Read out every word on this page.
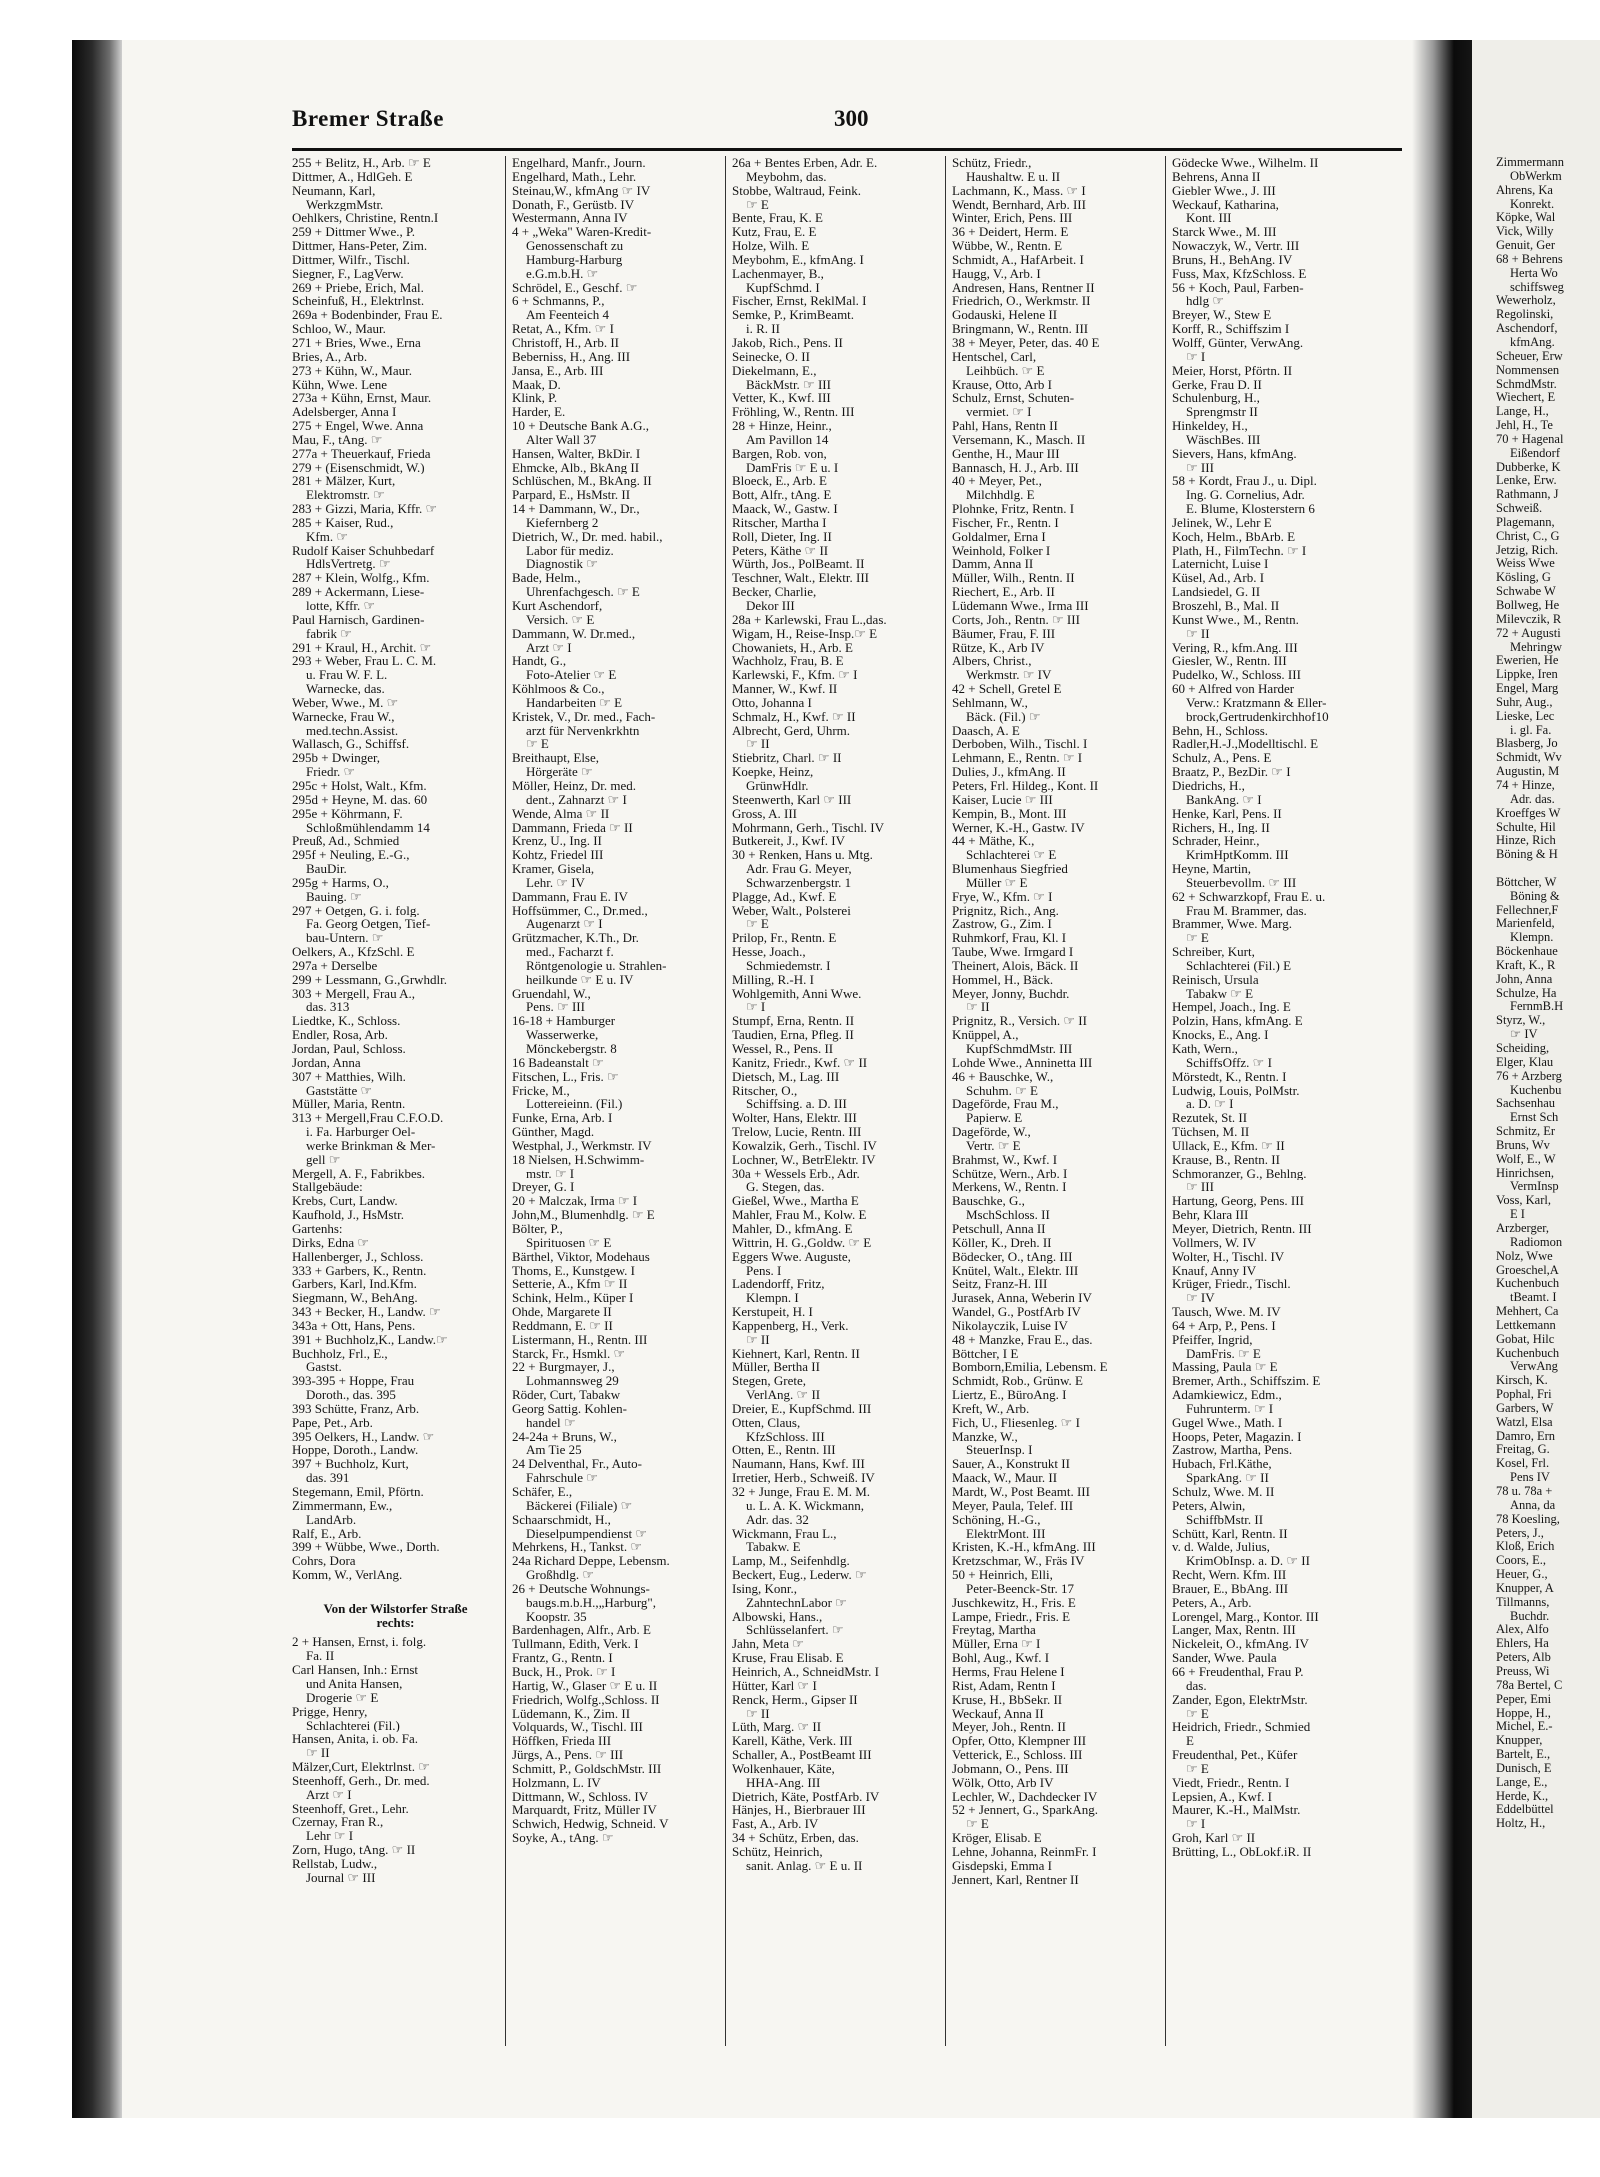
Bremer Straße	300
255 + Belitz, H., Arb. ☞ E
Dittmer, A., HdlGeh. E
Neumann, Karl,
WerkzgmMstr.
Oehlkers, Christine, Rentn.I
259 + Dittmer Wwe., P.
Dittmer, Hans-Peter, Zim.
Dittmer, Wilfr., Tischl.
Siegner, F., LagVerw.
269 + Priebe, Erich, Mal.
Scheinfuß, H., Elektrlnst.
269a + Bodenbinder, Frau E.
Schloo, W., Maur.
271 + Bries, Wwe., Erna
Bries, A., Arb.
273 + Kühn, W., Maur.
Kühn, Wwe. Lene
273a + Kühn, Ernst, Maur.
Adelsberger, Anna I
275 + Engel, Wwe. Anna
Mau, F., tAng. ☞
277a + Theuerkauf, Frieda
279 + (Eisenschmidt, W.)
281 + Mälzer, Kurt,
Elektromstr. ☞
283 + Gizzi, Maria, Kffr. ☞
285 + Kaiser, Rud.,
Kfm. ☞
Rudolf Kaiser Schuhbedarf
HdlsVertretg. ☞
287 + Klein, Wolfg., Kfm.
289 + Ackermann, Liese-
lotte, Kffr. ☞
Paul Harnisch, Gardinen-
fabrik ☞
291 + Kraul, H., Archit. ☞
293 + Weber, Frau L. C. M.
u. Frau W. F. L.
Warnecke, das.
Weber, Wwe., M. ☞
Warnecke, Frau W.,
med.techn.Assist.
Wallasch, G., Schiffsf.
295b + Dwinger,
Friedr. ☞
295c + Holst, Walt., Kfm.
295d + Heyne, M. das. 60
295e + Köhrmann, F.
Schloßmühlendamm 14
Preuß, Ad., Schmied
295f + Neuling, E.-G.,
BauDir.
295g + Harms, O.,
Bauing. ☞
297 + Oetgen, G. i. folg.
Fa. Georg Oetgen, Tief-
bau-Untern. ☞
Oelkers, A., KfzSchl. E
297a + Derselbe
299 + Lessmann, G.,Grwhdlr.
303 + Mergell, Frau A.,
das. 313
Liedtke, K., Schloss.
Endler, Rosa, Arb.
Jordan, Paul, Schloss.
Jordan, Anna
307 + Matthies, Wilh.
Gaststätte ☞
Müller, Maria, Rentn.
313 + Mergell,Frau C.F.O.D.
i. Fa. Harburger Oel-
werke Brinkman & Mer-
gell ☞
Mergell, A. F., Fabrikbes.
Stallgebäude:
Krebs, Curt, Landw.
Kaufhold, J., HsMstr.
Gartenhs:
Dirks, Edna ☞
Hallenberger, J., Schloss.
333 + Garbers, K., Rentn.
Garbers, Karl, Ind.Kfm.
Siegmann, W., BehAng.
343 + Becker, H., Landw. ☞
343a + Ott, Hans, Pens.
391 + Buchholz,K., Landw.☞
Buchholz, Frl., E.,
Gastst.
393-395 + Hoppe, Frau
Doroth., das. 395
393 Schütte, Franz, Arb.
Pape, Pet., Arb.
395 Oelkers, H., Landw. ☞
Hoppe, Doroth., Landw.
397 + Buchholz, Kurt,
das. 391
Stegemann, Emil, Pförtn.
Zimmermann, Ew.,
LandArb.
Ralf, E., Arb.
399 + Wübbe, Wwe., Dorth.
Cohrs, Dora
Komm, W., VerlAng.

Von der Wilstorfer Straße
rechts:
2 + Hansen, Ernst, i. folg.
Fa. II
Carl Hansen, Inh.: Ernst
und Anita Hansen,
Drogerie ☞ E
Prigge, Henry,
Schlachterei (Fil.)
Hansen, Anita, i. ob. Fa.
☞ II
Mälzer,Curt, Elektrlnst. ☞
Steenhoff, Gerh., Dr. med.
Arzt ☞ I
Steenhoff, Gret., Lehr.
Czernay, Fran R.,
Lehr ☞ I
Zorn, Hugo, tAng. ☞ II
Rellstab, Ludw.,
Journal ☞ III
Engelhard, Manfr., Journ.
Engelhard, Math., Lehr.
Steinau,W., kfmAng ☞ IV
Donath, F., Gerüstb. IV
Westermann, Anna IV
4 + „Weka" Waren-Kredit-
Genossenschaft zu
Hamburg-Harburg
e.G.m.b.H. ☞
Schrödel, E., Geschf. ☞
6 + Schmanns, P.,
Am Feenteich 4
Retat, A., Kfm. ☞ I
Christoff, H., Arb. II
Beberniss, H., Ang. III
Jansa, E., Arb. III
Maak, D.
Klink, P.
Harder, E.
10 + Deutsche Bank A.G.,
Alter Wall 37
Hansen, Walter, BkDir. I
Ehmcke, Alb., BkAng II
Schlüschen, M., BkAng. II
Parpard, E., HsMstr. II
14 + Dammann, W., Dr.,
Kiefernberg 2
Dietrich, W., Dr. med. habil.,
Labor für mediz.
Diagnostik ☞
Bade, Helm.,
Uhrenfachgesch. ☞ E
Kurt Aschendorf,
Versich. ☞ E
Dammann, W. Dr.med.,
Arzt ☞ I
Handt, G.,
Foto-Atelier ☞ E
Köhlmoos & Co.,
Handarbeiten ☞ E
Kristek, V., Dr. med., Fach-
arzt für Nervenkrkhtn
☞ E
Breithaupt, Else,
Hörgeräte ☞
Möller, Heinz, Dr. med.
dent., Zahnarzt ☞ I
Wende, Alma ☞ II
Dammann, Frieda ☞ II
Krenz, U., Ing. II
Kohtz, Friedel III
Kramer, Gisela,
Lehr. ☞ IV
Dammann, Frau E. IV
Hoffsümmer, C., Dr.med.,
Augenarzt ☞ I
Grützmacher, K.Th., Dr.
med., Facharzt f.
Röntgenologie u. Strahlen-
heilkunde ☞ E u. IV
Gruendahl, W.,
Pens. ☞ III
16-18 + Hamburger
Wasserwerke,
Mönckebergstr. 8
16 Badeanstalt ☞
Fitschen, L., Fris. ☞
Fricke, M.,
Lottereieinn. (Fil.)
Funke, Erna, Arb. I
Günther, Magd.
Westphal, J., Werkmstr. IV
18 Nielsen, H.Schwimm-
mstr. ☞ I
Dreyer, G. I
20 + Malczak, Irma ☞ I
John,M., Blumenhdlg. ☞ E
Bölter, P.,
Spirituosen ☞ E
Bärthel, Viktor, Modehaus
Thoms, E., Kunstgew. I
Setterie, A., Kfm ☞ II
Schink, Helm., Küper I
Ohde, Margarete II
Reddmann, E. ☞ II
Listermann, H., Rentn. III
Starck, Fr., Hsmkl. ☞
22 + Burgmayer, J.,
Lohmannsweg 29
Röder, Curt, Tabakw
Georg Sattig. Kohlen-
handel ☞
24-24a + Bruns, W.,
Am Tie 25
24 Delventhal, Fr., Auto-
Fahrschule ☞
Schäfer, E.,
Bäckerei (Filiale) ☞
Schaarschmidt, H.,
Dieselpumpendienst ☞
Mehrkens, H., Tankst. ☞
24a Richard Deppe, Lebensm.
Großhdlg. ☞
26 + Deutsche Wohnungs-
baugs.m.b.H.,„Harburg",
Koopstr. 35
Bardenhagen, Alfr., Arb. E
Tullmann, Edith, Verk. I
Frantz, G., Rentn. I
Buck, H., Prok. ☞ I
Hartig, W., Glaser ☞ E u. II
Friedrich, Wolfg.,Schloss. II
Lüdemann, K., Zim. II
Volquards, W., Tischl. III
Höffken, Frieda III
Jürgs, A., Pens. ☞ III
Schmitt, P., GoldschMstr. III
Holzmann, L. IV
Dittmann, W., Schloss. IV
Marquardt, Fritz, Müller IV
Schwich, Hedwig, Schneid. V
Soyke, A., tAng. ☞
26a + Bentes Erben, Adr. E.
Meybohm, das.
Stobbe, Waltraud, Feink.
☞ E
Bente, Frau, K. E
Kutz, Frau, E. E
Holze, Wilh. E
Meybohm, E., kfmAng. I
Lachenmayer, B.,
KupfSchmd. I
Fischer, Ernst, ReklMal. I
Semke, P., KrimBeamt.
i. R. II
Jakob, Rich., Pens. II
Seinecke, O. II
Diekelmann, E.,
BäckMstr. ☞ III
Vetter, K., Kwf. III
Fröhling, W., Rentn. III
28 + Hinze, Heinr.,
Am Pavillon 14
Bargen, Rob. von,
DamFris ☞ E u. I
Bloeck, E., Arb. E
Bott, Alfr., tAng. E
Maack, W., Gastw. I
Ritscher, Martha I
Roll, Dieter, Ing. II
Peters, Käthe ☞ II
Würth, Jos., PolBeamt. II
Teschner, Walt., Elektr. III
Becker, Charlie,
Dekor III
28a + Karlewski, Frau L.,das.
Wigam, H., Reise-Insp.☞ E
Chowaniets, H., Arb. E
Wachholz, Frau, B. E
Karlewski, F., Kfm. ☞ I
Manner, W., Kwf. II
Otto, Johanna I
Schmalz, H., Kwf. ☞ II
Albrecht, Gerd, Uhrm.
☞ II
Stiebritz, Charl. ☞ II
Koepke, Heinz,
GrünwHdlr.
Steenwerth, Karl ☞ III
Gross, A. III
Mohrmann, Gerh., Tischl. IV
Butkereit, J., Kwf. IV
30 + Renken, Hans u. Mtg.
Adr. Frau G. Meyer,
Schwarzenbergstr. 1
Plagge, Ad., Kwf. E
Weber, Walt., Polsterei
☞ E
Prilop, Fr., Rentn. E
Hesse, Joach.,
Schmiedemstr. I
Milling, R.-H. I
Wohlgemith, Anni Wwe.
☞ I
Stumpf, Erna, Rentn. II
Taudien, Erna, Pfleg. II
Wessel, R., Pens. II
Kanitz, Friedr., Kwf. ☞ II
Dietsch, M., Lag. III
Ritscher, O.,
Schiffsing. a. D. III
Wolter, Hans, Elektr. III
Trelow, Lucie, Rentn. III
Kowalzik, Gerh., Tischl. IV
Lochner, W., BetrElektr. IV
30a + Wessels Erb., Adr.
G. Stegen, das.
Gießel, Wwe., Martha E
Mahler, Frau M., Kolw. E
Mahler, D., kfmAng. E
Wittrin, H. G.,Goldw. ☞ E
Eggers Wwe. Auguste,
Pens. I
Ladendorff, Fritz,
Klempn. I
Kerstupeit, H. I
Kappenberg, H., Verk.
☞ II
Kiehnert, Karl, Rentn. II
Müller, Bertha II
Stegen, Grete,
VerlAng. ☞ II
Dreier, E., KupfSchmd. III
Otten, Claus,
KfzSchloss. III
Otten, E., Rentn. III
Naumann, Hans, Kwf. III
Irretier, Herb., Schweiß. IV
32 + Junge, Frau E. M. M.
u. L. A. K. Wickmann,
Adr. das. 32
Wickmann, Frau L.,
Tabakw. E
Lamp, M., Seifenhdlg.
Beckert, Eug., Lederw. ☞
Ising, Konr.,
ZahntechnLabor ☞
Albowski, Hans.,
Schlüsselanfert. ☞
Jahn, Meta ☞
Kruse, Frau Elisab. E
Heinrich, A., SchneidMstr. I
Hütter, Karl ☞ I
Renck, Herm., Gipser II
☞ II
Lüth, Marg. ☞ II
Karell, Käthe, Verk. III
Schaller, A., PostBeamt III
Wolkenhauer, Käte,
HHA-Ang. III
Dietrich, Käte, PostfArb. IV
Hänjes, H., Bierbrauer III
Fast, A., Arb. IV
34 + Schütz, Erben, das.
Schütz, Heinrich,
sanit. Anlag. ☞ E u. II
Schütz, Friedr.,
Haushaltw. E u. II
Lachmann, K., Mass. ☞ I
Wendt, Bernhard, Arb. III
Winter, Erich, Pens. III
36 + Deidert, Herm. E
Wübbe, W., Rentn. E
Schmidt, A., HafArbeit. I
Haugg, V., Arb. I
Andresen, Hans, Rentner II
Friedrich, O., Werkmstr. II
Godauski, Helene II
Bringmann, W., Rentn. III
38 + Meyer, Peter, das. 40 E
Hentschel, Carl,
Leihbüch. ☞ E
Krause, Otto, Arb I
Schulz, Ernst, Schuten-
vermiet. ☞ I
Pahl, Hans, Rentn II
Versemann, K., Masch. II
Genthe, H., Maur III
Bannasch, H. J., Arb. III
40 + Meyer, Pet.,
Milchhdlg. E
Plohnke, Fritz, Rentn. I
Fischer, Fr., Rentn. I
Goldalmer, Erna I
Weinhold, Folker I
Damm, Anna II
Müller, Wilh., Rentn. II
Riechert, E., Arb. II
Lüdemann Wwe., Irma III
Corts, Joh., Rentn. ☞ III
Bäumer, Frau, F. III
Rütze, K., Arb IV
Albers, Christ.,
Werkmstr. ☞ IV
42 + Schell, Gretel E
Sehlmann, W.,
Bäck. (Fil.) ☞
Daasch, A. E
Derboben, Wilh., Tischl. I
Lehmann, E., Rentn. ☞ I
Dulies, J., kfmAng. II
Peters, Frl. Hildeg., Kont. II
Kaiser, Lucie ☞ III
Kempin, B., Mont. III
Werner, K.-H., Gastw. IV
44 + Mäthe, K.,
Schlachterei ☞ E
Blumenhaus Siegfried
Müller ☞ E
Frye, W., Kfm. ☞ I
Prignitz, Rich., Ang.
Zastrow, G., Zim. I
Ruhmkorf, Frau, Kl. I
Taube, Wwe. Irmgard I
Theinert, Alois, Bäck. II
Hommel, H., Bäck.
Meyer, Jonny, Buchdr.
☞ II
Prignitz, R., Versich. ☞ II
Knüppel, A.,
KupfSchmdMstr. III
Lohde Wwe., Anninetta III
46 + Bauschke, W.,
Schuhm. ☞ E
Dageförde, Frau M.,
Papierw. E
Dageförde, W.,
Vertr. ☞ E
Brahmst, W., Kwf. I
Schütze, Wern., Arb. I
Merkens, W., Rentn. I
Bauschke, G.,
MschSchloss. II
Petschull, Anna II
Köller, K., Dreh. II
Bödecker, O., tAng. III
Knütel, Walt., Elektr. III
Seitz, Franz-H. III
Jurasek, Anna, Weberin IV
Wandel, G., PostfArb IV
Nikolayczik, Luise IV
48 + Manzke, Frau E., das.
Böttcher, I E
Bomborn,Emilia, Lebensm. E
Schmidt, Rob., Grünw. E
Liertz, E., BüroAng. I
Kreft, W., Arb.
Fich, U., Fliesenleg. ☞ I
Manzke, W.,
SteuerInsp. I
Sauer, A., Konstrukt II
Maack, W., Maur. II
Mardt, W., Post Beamt. III
Meyer, Paula, Telef. III
Schöning, H.-G.,
ElektrMont. III
Kristen, K.-H., kfmAng. III
Kretzschmar, W., Fräs IV
50 + Heinrich, Elli,
Peter-Beenck-Str. 17
Juschkewitz, H., Fris. E
Lampe, Friedr., Fris. E
Freytag, Martha
Müller, Erna ☞ I
Bohl, Aug., Kwf. I
Herms, Frau Helene I
Rist, Adam, Rentn I
Kruse, H., BbSekr. II
Weckauf, Anna II
Meyer, Joh., Rentn. II
Opfer, Otto, Klempner III
Vetterick, E., Schloss. III
Jobmann, O., Pens. III
Wölk, Otto, Arb IV
Lechler, W., Dachdecker IV
52 + Jennert, G., SparkAng.
☞ E
Kröger, Elisab. E
Lehne, Johanna, ReinmFr. I
Gisdepski, Emma I
Jennert, Karl, Rentner II
Gödecke Wwe., Wilhelm. II
Behrens, Anna II
Giebler Wwe., J. III
Weckauf, Katharina,
Kont. III
Starck Wwe., M. III
Nowaczyk, W., Vertr. III
Bruns, H., BehAng. IV
Fuss, Max, KfzSchloss. E
56 + Koch, Paul, Farben-
hdlg ☞
Breyer, W., Stew E
Korff, R., Schiffszim I
Wolff, Günter, VerwAng.
☞ I
Meier, Horst, Pförtn. II
Gerke, Frau D. II
Schulenburg, H.,
Sprengmstr II
Hinkeldey, H.,
WäschBes. III
Sievers, Hans, kfmAng.
☞ III
58 + Kordt, Frau J., u. Dipl.
Ing. G. Cornelius, Adr.
E. Blume, Klosterstern 6
Jelinek, W., Lehr E
Koch, Helm., BbArb. E
Plath, H., FilmTechn. ☞ I
Laternicht, Luise I
Küsel, Ad., Arb. I
Landsiedel, G. II
Broszehl, B., Mal. II
Kunst Wwe., M., Rentn.
☞ II
Vering, R., kfm.Ang. III
Giesler, W., Rentn. III
Pudelko, W., Schloss. III
60 + Alfred von Harder
Verw.: Kratzmann & Eller-
brock,Gertrudenkirchhof10
Behn, H., Schloss.
Radler,H.-J.,Modelltischl. E
Schulz, A., Pens. E
Braatz, P., BezDir. ☞ I
Diedrichs, H.,
BankAng. ☞ I
Henke, Karl, Pens. II
Richers, H., Ing. II
Schrader, Heinr.,
KrimHptKomm. III
Heyne, Martin,
Steuerbevollm. ☞ III
62 + Schwarzkopf, Frau E. u.
Frau M. Brammer, das.
Brammer, Wwe. Marg.
☞ E
Schreiber, Kurt,
Schlachterei (Fil.) E
Reinisch, Ursula
Tabakw ☞ E
Hempel, Joach., Ing. E
Polzin, Hans, kfmAng. E
Knocks, E., Ang. I
Kath, Wern.,
SchiffsOffz. ☞ I
Mörstedt, K., Rentn. I
Ludwig, Louis, PolMstr.
a. D. ☞ I
Rezutek, St. II
Tüchsen, M. II
Ullack, E., Kfm. ☞ II
Krause, B., Rentn. II
Schmoranzer, G., Behlng.
☞ III
Hartung, Georg, Pens. III
Behr, Klara III
Meyer, Dietrich, Rentn. III
Vollmers, W. IV
Wolter, H., Tischl. IV
Knauf, Anny IV
Krüger, Friedr., Tischl.
☞ IV
Tausch, Wwe. M. IV
64 + Arp, P., Pens. I
Pfeiffer, Ingrid,
DamFris. ☞ E
Massing, Paula ☞ E
Bremer, Arth., Schiffszim. E
Adamkiewicz, Edm.,
Fuhrunterm. ☞ I
Gugel Wwe., Math. I
Hoops, Peter, Magazin. I
Zastrow, Martha, Pens.
Hubach, Frl.Käthe,
SparkAng. ☞ II
Schulz, Wwe. M. II
Peters, Alwin,
SchiffbMstr. II
Schütt, Karl, Rentn. II
v. d. Walde, Julius,
KrimObInsp. a. D. ☞ II
Recht, Wern. Kfm. III
Brauer, E., BbAng. III
Peters, A., Arb.
Lorengel, Marg., Kontor. III
Langer, Max, Rentn. III
Nickeleit, O., kfmAng. IV
Sander, Wwe. Paula
66 + Freudenthal, Frau P.
das.
Zander, Egon, ElektrMstr.
☞ E
Heidrich, Friedr., Schmied
E
Freudenthal, Pet., Küfer
☞ E
Viedt, Friedr., Rentn. I
Lepsien, A., Kwf. I
Maurer, K.-H., MalMstr.
☞ I
Groh, Karl ☞ II
Brütting, L., ObLokf.iR. II
Zimmermann
ObWerkm
Ahrens, Ka
Konrekt.
Köpke, Wal
Vick, Willy
Genuit, Ger
68 + Behrens
Herta Wo
schiffsweg
Wewerholz,
Regolinski,
Aschendorf,
kfmAng.
Scheuer, Erw
Nommensen
SchmdMstr.
Wiechert, E
Lange, H.,
Jehl, H., Te
70 + Hagenal
Eißendorf
Dubberke, K
Lenke, Erw.
Rathmann, J
Schweiß.
Plagemann,
Christ, C., G
Jetzig, Rich.
Weiss Wwe
Kösling, G
Schwabe W
Bollweg, He
Milevczik, R
72 + Augusti
Mehringw
Ewerien, He
Lippke, Iren
Engel, Marg
Suhr, Aug.,
Lieske, Lec
i. gl. Fa.
Blasberg, Jo
Schmidt, Wv
Augustin, M
74 + Hinze,
Adr. das.
Kroeffges W
Schulte, Hil
Hinze, Rich
Böning & H

Böttcher, W
Böning &
Fellechner,F
Marienfeld,
Klempn.
Böckenhaue
Kraft, K., R
John, Anna
Schulze, Ha
FernmB.H
Styrz, W.,
☞ IV
Scheiding,
Elger, Klau
76 + Arzberg
Kuchenbu
Sachsenhau
Ernst Sch
Schmitz, Er
Bruns, Wv
Wolf, E., W
Hinrichsen,
VermInsp
Voss, Karl,
E I
Arzberger,
Radiomon
Nolz, Wwe
Groeschel,A
Kuchenbuch
tBeamt. I
Mehhert, Ca
Lettkemann
Gobat, Hilc
Kuchenbuch
VerwAng
Kirsch, K.
Pophal, Fri
Garbers, W
Watzl, Elsa
Damro, Ern
Freitag, G.
Kosel, Frl.
Pens IV
78 u. 78a +
Anna, da
78 Koesling,
Peters, J.,
Kloß, Erich
Coors, E.,
Heuer, G.,
Knupper, A
Tillmanns,
Buchdr.
Alex, Alfo
Ehlers, Ha
Peters, Alb
Preuss, Wi
78a Bertel, C
Peper, Emi
Hoppe, H.,
Michel, E.-
Knupper,
Bartelt, E.,
Dunisch, E
Lange, E.,
Herde, K.,
Eddelbüttel
Holtz, H.,
